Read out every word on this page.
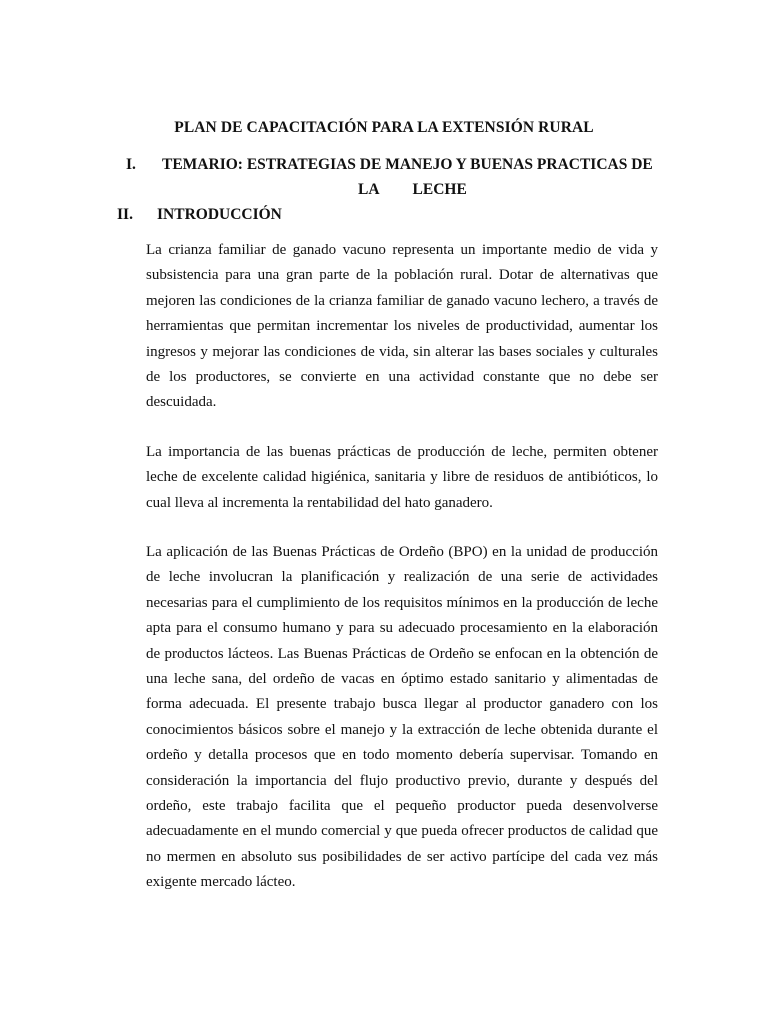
PLAN DE CAPACITACIÓN PARA LA EXTENSIÓN RURAL
I. TEMARIO: ESTRATEGIAS DE MANEJO Y BUENAS PRACTICAS DE
LA LECHE
II. INTRODUCCIÓN

La crianza familiar de ganado vacuno representa un importante medio de vida y subsistencia para una gran parte de la población rural. Dotar de alternativas que mejoren las condiciones de la crianza familiar de ganado vacuno lechero, a través de herramientas que permitan incrementar los niveles de productividad, aumentar los ingresos y mejorar las condiciones de vida, sin alterar las bases sociales y culturales de los productores, se convierte en una actividad constante que no debe ser descuidada.

La importancia de las buenas prácticas de producción de leche, permiten obtener leche de excelente calidad higiénica, sanitaria y libre de residuos de antibióticos, lo cual lleva al incrementa la rentabilidad del hato ganadero.

La aplicación de las Buenas Prácticas de Ordeño (BPO) en la unidad de producción de leche involucran la planificación y realización de una serie de actividades necesarias para el cumplimiento de los requisitos mínimos en la producción de leche apta para el consumo humano y para su adecuado procesamiento en la elaboración de productos lácteos. Las Buenas Prácticas de Ordeño se enfocan en la obtención de una leche sana, del ordeño de vacas en óptimo estado sanitario y alimentadas de forma adecuada. El presente trabajo busca llegar al productor ganadero con los conocimientos básicos sobre el manejo y la extracción de leche obtenida durante el ordeño y detalla procesos que en todo momento debería supervisar. Tomando en consideración la importancia del flujo productivo previo, durante y después del ordeño, este trabajo facilita que el pequeño productor pueda desenvolverse adecuadamente en el mundo comercial y que pueda ofrecer productos de calidad que no mermen en absoluto sus posibilidades de ser activo partícipe del cada vez más exigente mercado lácteo.
